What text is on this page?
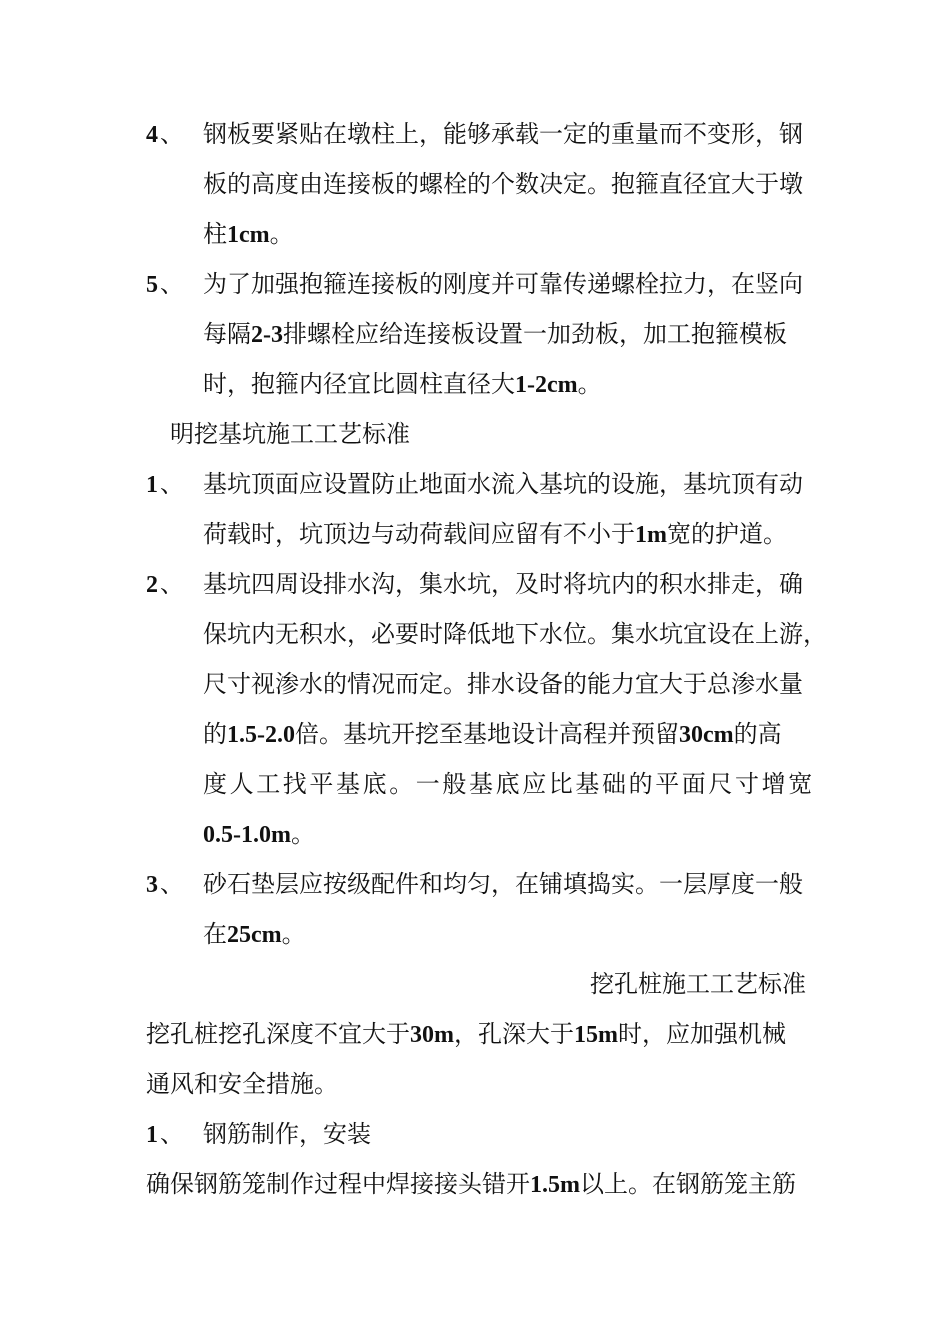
4、 钢板要紧贴在墩柱上，能够承载一定的重量而不变形，钢
板的高度由连接板的螺栓的个数决定。抱箍直径宜大于墩
柱1cm。
5、 为了加强抱箍连接板的刚度并可靠传递螺栓拉力，在竖向
每隔2-3排螺栓应给连接板设置一加劲板，加工抱箍模板
时，抱箍内径宜比圆柱直径大1-2cm。
明挖基坑施工工艺标准
1、 基坑顶面应设置防止地面水流入基坑的设施，基坑顶有动
荷载时，坑顶边与动荷载间应留有不小于1m宽的护道。
2、 基坑四周设排水沟，集水坑，及时将坑内的积水排走，确
保坑内无积水，必要时降低地下水位。集水坑宜设在上游，
尺寸视渗水的情况而定。排水设备的能力宜大于总渗水量
的1.5-2.0倍。基坑开挖至基地设计高程并预留30cm的高
度人工找平基底。一般基底应比基础的平面尺寸增宽
0.5-1.0m。
3、 砂石垫层应按级配件和均匀，在铺填捣实。一层厚度一般
在25cm。
挖孔桩施工工艺标准
挖孔桩挖孔深度不宜大于30m，孔深大于15m时，应加强机械
通风和安全措施。
1、 钢筋制作，安装
确保钢筋笼制作过程中焊接接头错开1.5m以上。在钢筋笼主筋
